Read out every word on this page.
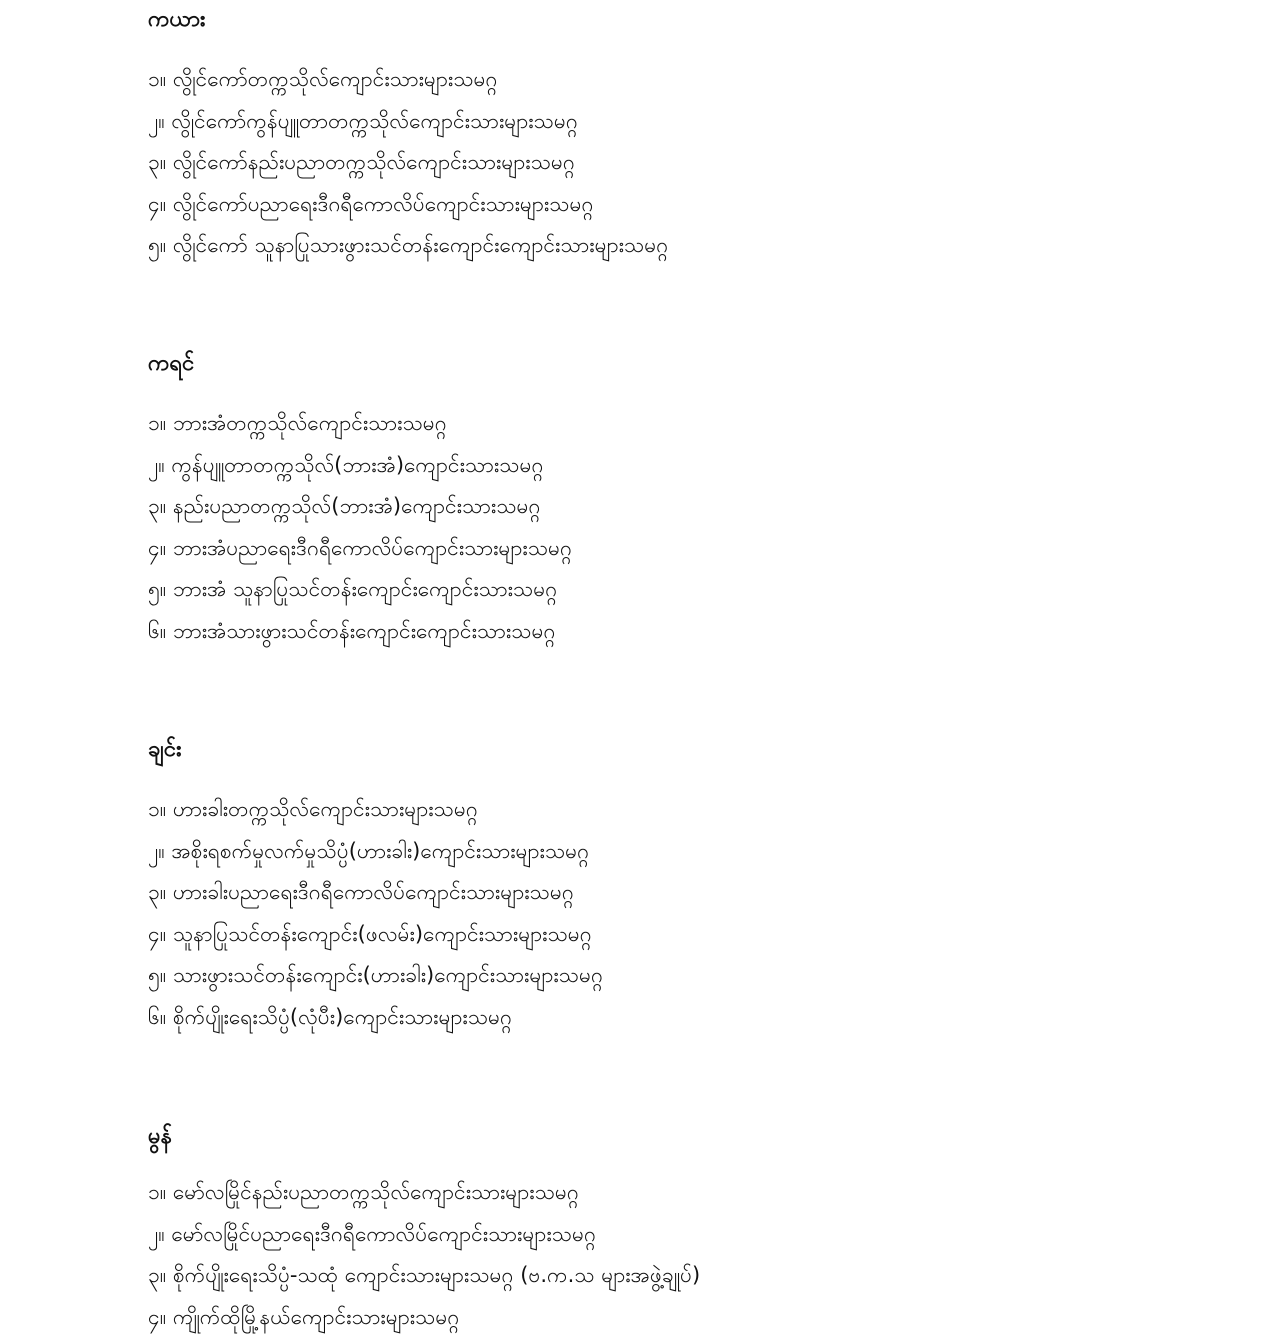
ကယား
၁။ လွိုင်ကော်တက္ကသိုလ်ကျောင်းသားများသမဂ္ဂ
၂။ လွိုင်ကော်ကွန်ပျူတာတက္ကသိုလ်ကျောင်းသားများသမဂ္ဂ
၃။ လွိုင်ကော်နည်းပညာတက္ကသိုလ်ကျောင်းသားများသမဂ္ဂ
၄။ လွိုင်ကော်ပညာရေးဒီဂရီကောလိပ်ကျောင်းသားများသမဂ္ဂ
၅။ လွိုင်ကော် သူနာပြုသားဖွားသင်တန်းကျောင်းကျောင်းသားများသမဂ္ဂ
ကရင်
၁။ ဘားအံတက္ကသိုလ်ကျောင်းသားသမဂ္ဂ
၂။ ကွန်ပျူတာတက္ကသိုလ်(ဘားအံ)ကျောင်းသားသမဂ္ဂ
၃။ နည်းပညာတက္ကသိုလ်(ဘားအံ)ကျောင်းသားသမဂ္ဂ
၄။ ဘားအံပညာရေးဒီဂရီကောလိပ်ကျောင်းသားများသမဂ္ဂ
၅။ ဘားအံ သူနာပြုသင်တန်းကျောင်းကျောင်းသားသမဂ္ဂ
၆။ ဘားအံသားဖွားသင်တန်းကျောင်းကျောင်းသားသမဂ္ဂ
ချင်း
၁။ ဟားခါးတက္ကသိုလ်ကျောင်းသားများသမဂ္ဂ
၂။ အစိုးရစက်မှုလက်မှုသိပ္ပံ(ဟားခါး)ကျောင်းသားများသမဂ္ဂ
၃။ ဟားခါးပညာရေးဒီဂရီကောလိပ်ကျောင်းသားများသမဂ္ဂ
၄။ သူနာပြုသင်တန်းကျောင်း(ဖလမ်း)ကျောင်းသားများသမဂ္ဂ
၅။ သားဖွားသင်တန်းကျောင်း(ဟားခါး)ကျောင်းသားများသမဂ္ဂ
၆။ စိုက်ပျိုးရေးသိပ္ပံ(လုံပီး)ကျောင်းသားများသမဂ္ဂ
မွန်
၁။ မော်လမြိုင်နည်းပညာတက္ကသိုလ်ကျောင်းသားများသမဂ္ဂ
၂။ မော်လမြိုင်ပညာရေးဒီဂရီကောလိပ်ကျောင်းသားများသမဂ္ဂ
၃။ စိုက်ပျိုးရေးသိပ္ပံ-သထုံ ကျောင်းသားများသမဂ္ဂ (ဗ.က.သ များအဖွဲ့ချုပ်)
၄။ ကျိုက်ထိုမြို့နယ်ကျောင်းသားများသမဂ္ဂ
